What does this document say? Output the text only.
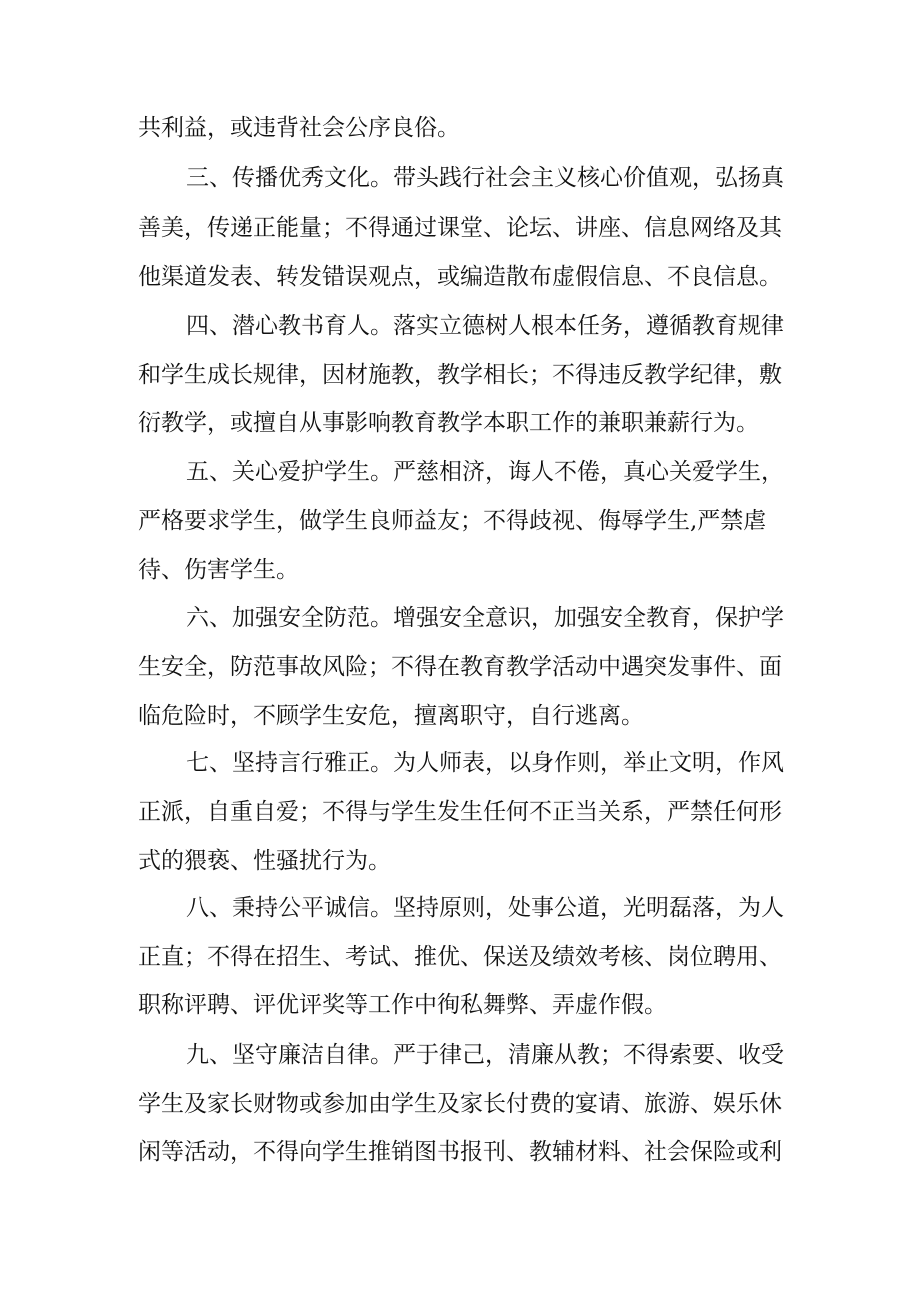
共利益，或违背社会公序良俗。

三、传播优秀文化。带头践行社会主义核心价值观，弘扬真

善美，传递正能量；不得通过课堂、论坛、讲座、信息网络及其

他渠道发表、转发错误观点，或编造散布虚假信息、不良信息。

四、潜心教书育人。落实立德树人根本任务，遵循教育规律

和学生成长规律，因材施教，教学相长；不得违反教学纪律，敷

衍教学，或擅自从事影响教育教学本职工作的兼职兼薪行为。

五、关心爱护学生。严慈相济，诲人不倦，真心关爱学生，

严格要求学生，做学生良师益友；不得歧视、侮辱学生,严禁虐

待、伤害学生。

六、加强安全防范。增强安全意识，加强安全教育，保护学

生安全，防范事故风险；不得在教育教学活动中遇突发事件、面

临危险时，不顾学生安危，擅离职守，自行逃离。

七、坚持言行雅正。为人师表，以身作则，举止文明，作风

正派，自重自爱；不得与学生发生任何不正当关系，严禁任何形

式的猥亵、性骚扰行为。

八、秉持公平诚信。坚持原则，处事公道，光明磊落，为人

正直；不得在招生、考试、推优、保送及绩效考核、岗位聘用、

职称评聘、评优评奖等工作中徇私舞弊、弄虚作假。

九、坚守廉洁自律。严于律己，清廉从教；不得索要、收受

学生及家长财物或参加由学生及家长付费的宴请、旅游、娱乐休

闲等活动，不得向学生推销图书报刊、教辅材料、社会保险或利
